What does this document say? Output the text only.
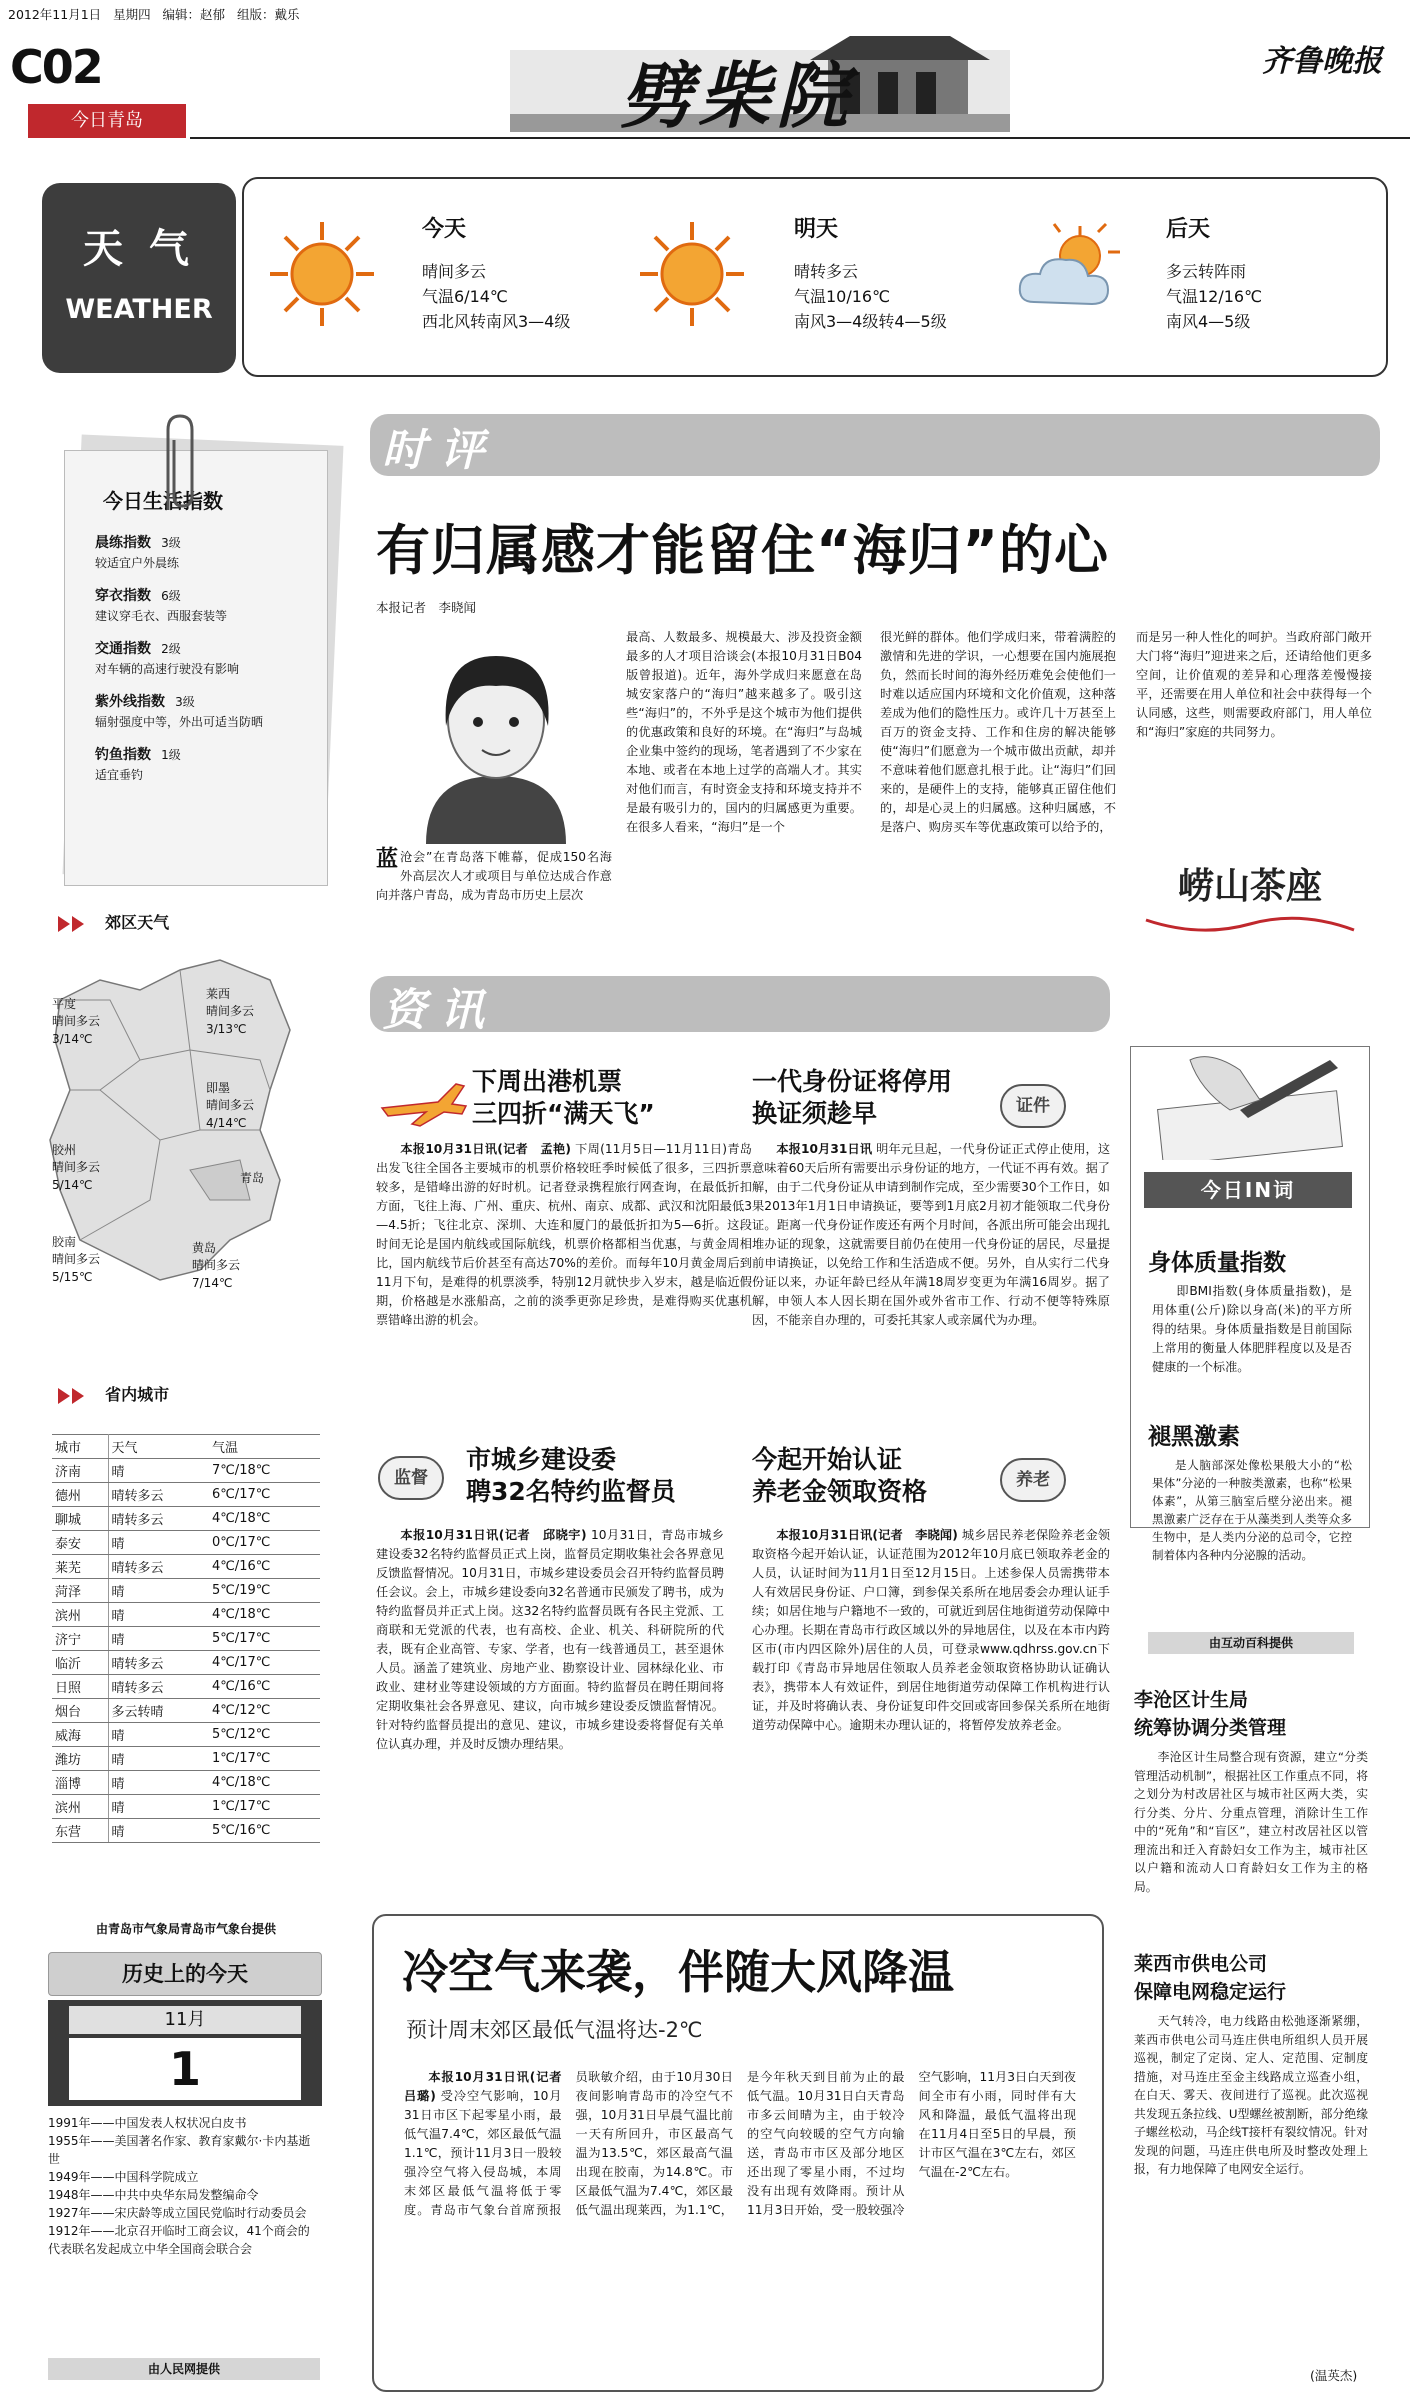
2012年11月1日 星期四 编辑：赵郁 组版：戴乐
C02
今日青岛	劈柴院	齐鲁晚报
天 气
WEATHER
今天
晴间多云
气温6/14℃
西北风转南风3—4级
明天
晴转多云
气温10/16℃
南风3—4级转4—5级
后天
多云转阵雨
气温12/16℃
南风4—5级
今日生活指数
晨练指数 3级
较适宜户外晨练
穿衣指数 6级
建议穿毛衣、西服套装等
交通指数 2级
对车辆的高速行驶没有影响
紫外线指数 3级
辐射强度中等，外出可适当防晒
钓鱼指数 1级
适宜垂钓
郊区天气
平度
晴间多云
3/14℃
莱西
晴间多云
3/13℃
即墨
晴间多云
4/14℃
胶州
晴间多云
5/14℃	青岛
胶南
晴间多云
5/15℃
黄岛
晴间多云
7/14℃
省内城市
城市	天气	气温
济南	晴	7℃/18℃
德州	晴转多云	6℃/17℃
聊城	晴转多云	4℃/18℃
泰安	晴	0℃/17℃
莱芜	晴转多云	4℃/16℃
菏泽	晴	5℃/19℃
滨州	晴	4℃/18℃
济宁	晴	5℃/17℃
临沂	晴转多云	4℃/17℃
日照	晴转多云	4℃/16℃
烟台	多云转晴	4℃/12℃
威海	晴	5℃/12℃
潍坊	晴	1℃/17℃
淄博	晴	4℃/18℃
滨州	晴	1℃/17℃
东营	晴	5℃/16℃
由青岛市气象局青岛市气象台提供
历史上的今天
11月
1
1991年——中国发表人权状况白皮书
1955年——美国著名作家、教育家戴尔·卡内基逝世
1949年——中国科学院成立
1948年——中共中央华东局发整编命令
1927年——宋庆龄等成立国民党临时行动委员会
1912年——北京召开临时工商会议，41个商会的代表联名发起成立中华全国商会联合会
由人民网提供
时评
有归属感才能留住“海归”的心
本报记者　李晓闻
蓝沧会”在青岛落下帷幕，促成150名海外高层次人才或项目与单位达成合作意向并落户青岛，成为青岛市历史上层次

最高、人数最多、规模最大、涉及投资金额最多的人才项目洽谈会(本报10月31日B04版曾报道)。近年，海外学成归来愿意在岛城安家落户的“海归”越来越多了。吸引这些“海归”的，不外乎是这个城市为他们提供的优惠政策和良好的环境。在“海归”与岛城企业集中签约的现场，笔者遇到了不少家在本地、或者在本地上过学的高端人才。其实对他们而言，有时资金支持和环境支持并不是最有吸引力的，国内的归属感更为重要。在很多人看来，“海归”是一个

很光鲜的群体。他们学成归来，带着满腔的激情和先进的学识，一心想要在国内施展抱负，然而长时间的海外经历难免会使他们一时难以适应国内环境和文化价值观，这种落差成为他们的隐性压力。或许几十万甚至上百万的资金支持、工作和住房的解决能够使“海归”们愿意为一个城市做出贡献，却并不意味着他们愿意扎根于此。让“海归”们回来的，是硬件上的支持，能够真正留住他们的，却是心灵上的归属感。这种归属感，不是落户、购房买车等优惠政策可以给予的，

而是另一种人性化的呵护。当政府部门敞开大门将“海归”迎进来之后，还请给他们更多空间，让价值观的差异和心理落差慢慢接平，还需要在用人单位和社会中获得每一个认同感，这些，则需要政府部门，用人单位和“海归”家庭的共同努力。

崂山茶座
资讯
下周出港机票
三四折“满天飞”

本报10月31日讯(记者　孟艳) 下周(11月5日—11月11日)青岛出发飞往全国各主要城市的机票价格较旺季时候低了很多，三四折票较多，是错峰出游的好时机。记者登录携程旅行网查询，在最低折扣方面，飞往上海、广州、重庆、杭州、南京、成都、武汉和沈阳最低3—4.5折；飞往北京、深圳、大连和厦门的最低折扣为5—6折。这段时间无论是国内航线或国际航线，机票价格都相当优惠，与黄金周相比，国内航线节后价甚至有高达70%的差价。而每年10月黄金周后到11月下旬，是难得的机票淡季，特别12月就快步入岁末，越是临近假期，价格越是水涨船高，之前的淡季更弥足珍贵，是难得购买优惠机票错峰出游的机会。

一代身份证将停用
换证须趁早	证件

本报10月31日讯 明年元旦起，一代身份证正式停止使用，这意味着60天后所有需要出示身份证的地方，一代证不再有效。据了解，由于二代身份证从申请到制作完成，至少需要30个工作日，如果2013年1月1日申请换证，要等到1月底2月初才能领取二代身份证。距离一代身份证作废还有两个月时间，各派出所可能会出现扎堆办证的现象，这就需要目前仍在使用一代身份证的居民，尽量提前申请换证，以免给工作和生活造成不便。另外，自从实行二代身份证以来，办证年龄已经从年满18周岁变更为年满16周岁。据了解，申领人本人因长期在国外或外省市工作、行动不便等特殊原因，不能亲自办理的，可委托其家人或亲属代为办理。

监督
市城乡建设委
聘32名特约监督员

本报10月31日讯(记者　邱晓宇) 10月31日，青岛市城乡建设委32名特约监督员正式上岗，监督员定期收集社会各界意见反馈监督情况。10月31日，市城乡建设委员会召开特约监督员聘任会议。会上，市城乡建设委向32名普通市民颁发了聘书，成为特约监督员并正式上岗。这32名特约监督员既有各民主党派、工商联和无党派的代表，也有高校、企业、机关、科研院所的代表，既有企业高管、专家、学者，也有一线普通员工，甚至退休人员。涵盖了建筑业、房地产业、勘察设计业、园林绿化业、市政业、建材业等建设领域的方方面面。特约监督员在聘任期间将定期收集社会各界意见、建议，向市城乡建设委反馈监督情况。针对特约监督员提出的意见、建议，市城乡建设委将督促有关单位认真办理，并及时反馈办理结果。

今起开始认证
养老金领取资格	养老

本报10月31日讯(记者　李晓闻) 城乡居民养老保险养老金领取资格今起开始认证，认证范围为2012年10月底已领取养老金的人员，认证时间为11月1日至12月15日。上述参保人员需携带本人有效居民身份证、户口簿，到参保关系所在地居委会办理认证手续；如居住地与户籍地不一致的，可就近到居住地街道劳动保障中心办理。长期在青岛市行政区域以外的异地居住，以及在本市内跨区市(市内四区除外)居住的人员，可登录www.qdhrss.gov.cn下载打印《青岛市异地居住领取人员养老金领取资格协助认证确认表》，携带本人有效证件，到居住地街道劳动保障工作机构进行认证，并及时将确认表、身份证复印件交回或寄回参保关系所在地街道劳动保障中心。逾期未办理认证的，将暂停发放养老金。

冷空气来袭，伴随大风降温
预计周末郊区最低气温将达-2℃

本报10月31日讯(记者　吕璐) 受冷空气影响，10月31日市区下起零星小雨，最低气温7.4℃，郊区最低气温1.1℃，预计11月3日一股较强冷空气将入侵岛城，本周末郊区最低气温将低于零度。青岛市气象台首席预报员耿敏介绍，由于10月30日夜间影响青岛市的冷空气不强，10月31日早晨气温比前一天有所回升，市区最高气温为13.5℃，郊区最高气温出现在胶南，为14.8℃。市区最低气温为7.4℃，郊区最低气温出现莱西，为1.1℃，是今年秋天到目前为止的最低气温。10月31日白天青岛市多云间晴为主，由于较冷的空气向较暖的空气方向输送，青岛市市区及部分地区还出现了零星小雨，不过均没有出现有效降雨。预计从11月3日开始，受一股较强冷空气影响，11月3日白天到夜间全市有小雨，同时伴有大风和降温，最低气温将出现在11月4日至5日的早晨，预计市区气温在3℃左右，郊区气温在-2℃左右。

今日IN词
身体质量指数

即BMI指数(身体质量指数)，是用体重(公斤)除以身高(米)的平方所得的结果。身体质量指数是目前国际上常用的衡量人体肥胖程度以及是否健康的一个标准。

褪黑激素

是人脑部深处像松果般大小的“松果体”分泌的一种胺类激素，也称“松果体素”，从第三脑室后壁分泌出来。褪黑激素广泛存在于从藻类到人类等众多生物中，是人类内分泌的总司令，它控制着体内各种内分泌腺的活动。

由互动百科提供
李沧区计生局
统筹协调分类管理

李沧区计生局整合现有资源，建立“分类管理活动机制”，根据社区工作重点不同，将之划分为村改居社区与城市社区两大类，实行分类、分片、分重点管理，消除计生工作中的“死角”和“盲区”，建立村改居社区以管理流出和迁入育龄妇女工作为主，城市社区以户籍和流动人口育龄妇女工作为主的格局。

莱西市供电公司
保障电网稳定运行

天气转冷，电力线路由松弛逐渐紧绷，莱西市供电公司马连庄供电所组织人员开展巡视，制定了定岗、定人、定范围、定制度措施，对马连庄至金主线路成立巡查小组，在白天、雾天、夜间进行了巡视。此次巡视共发现五条拉线、U型螺丝被割断，部分绝缘子螺丝松动，马企线T接杆有裂纹情况。针对发现的问题，马连庄供电所及时整改处理上报，有力地保障了电网安全运行。

(温英杰)
